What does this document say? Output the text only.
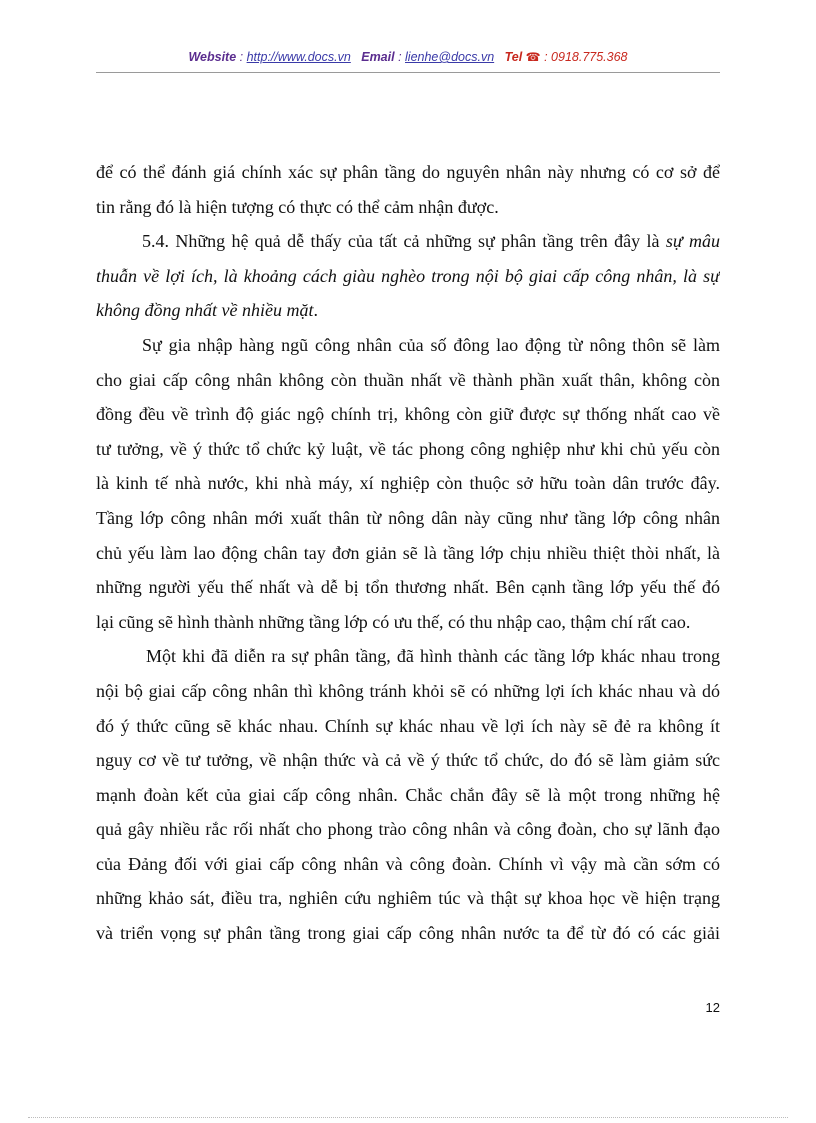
Website : http://www.docs.vn Email : lienhe@docs.vn Tel ☎ : 0918.775.368
để có thể đánh giá chính xác sự phân tầng do nguyên nhân này nhưng có cơ sở để
tin rằng đó là hiện tượng có thực có thể cảm nhận được.
5.4. Những hệ quả dễ thấy của tất cả những sự phân tầng trên đây là sự mâu
thuẫn về lợi ích, là khoảng cách giàu nghèo trong nội bộ giai cấp công nhân, là sự
không đồng nhất về nhiều mặt.
Sự gia nhập hàng ngũ công nhân của số đông lao động từ nông thôn sẽ làm
cho giai cấp công nhân không còn thuần nhất về thành phần xuất thân, không còn
đồng đều về trình độ giác ngộ chính trị, không còn giữ được sự thống nhất cao về
tư tưởng, về ý thức tổ chức kỷ luật, về tác phong công nghiệp như khi chủ yếu còn
là kinh tế nhà nước, khi nhà máy, xí nghiệp còn thuộc sở hữu toàn dân trước đây.
Tầng lớp công nhân mới xuất thân từ nông dân này cũng như tầng lớp công nhân
chủ yếu làm lao động chân tay đơn giản sẽ là tầng lớp chịu nhiều thiệt thòi nhất, là
những người yếu thế nhất và dễ bị tổn thương nhất. Bên cạnh tầng lớp yếu thế đó
lại cũng sẽ hình thành những tầng lớp có ưu thế, có thu nhập cao, thậm chí rất cao.
Một khi đã diễn ra sự phân tầng, đã hình thành các tầng lớp khác nhau trong
nội bộ giai cấp công nhân thì không tránh khỏi sẽ có những lợi ích khác nhau và dó
đó ý thức cũng sẽ khác nhau. Chính sự khác nhau về lợi ích này sẽ đẻ ra không ít
nguy cơ về tư tưởng, về nhận thức và cả về ý thức tổ chức, do đó sẽ làm giảm sức
mạnh đoàn kết của giai cấp công nhân. Chắc chắn đây sẽ là một trong những hệ
quả gây nhiều rắc rối nhất cho phong trào công nhân và công đoàn, cho sự lãnh đạo
của Đảng đối với giai cấp công nhân và công đoàn. Chính vì vậy mà cần sớm có
những khảo sát, điều tra, nghiên cứu nghiêm túc và thật sự khoa học về hiện trạng
và triển vọng sự phân tầng trong giai cấp công nhân nước ta để từ đó có các giải
12
